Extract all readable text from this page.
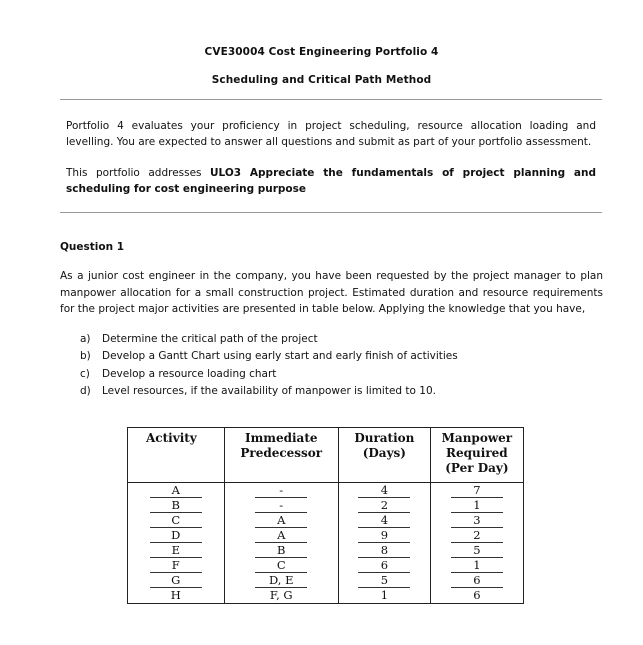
CVE30004 Cost Engineering Portfolio 4
Scheduling and Critical Path Method
Portfolio 4 evaluates your proficiency in project scheduling, resource allocation loading and levelling. You are expected to answer all questions and submit as part of your portfolio assessment.
This portfolio addresses ULO3 Appreciate the fundamentals of project planning and scheduling for cost engineering purpose
Question 1
As a junior cost engineer in the company, you have been requested by the project manager to plan manpower allocation for a small construction project. Estimated duration and resource requirements for the project major activities are presented in table below. Applying the knowledge that you have,
a)	Determine the critical path of the project
b)	Develop a Gantt Chart using early start and early finish of activities
c)	Develop a resource loading chart
d)	Level resources, if the availability of manpower is limited to 10.
Activity	Immediate Predecessor	Duration (Days)	Manpower Required (Per Day)
A	-	4	7
B	-	2	1
C	A	4	3
D	A	9	2
E	B	8	5
F	C	6	1
G	D, E	5	6
H	F, G	1	6
